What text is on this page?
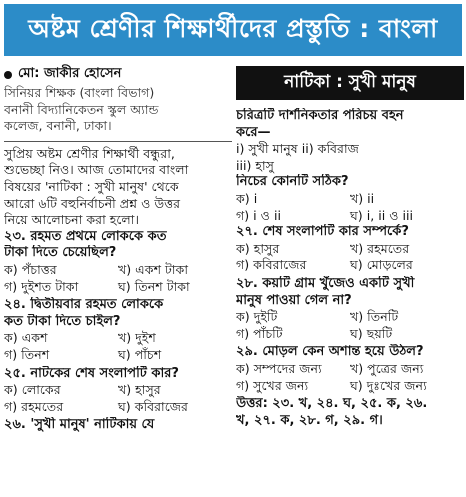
অষ্টম শ্রেণীর শিক্ষার্থীদের প্রস্তুতি : বাংলা
মো: জাকীর হোসেন
সিনিয়র শিক্ষক (বাংলা বিভাগ)
বনানী বিদ্যানিকেতন স্কুল অ্যান্ড
কলেজ, বনানী, ঢাকা।
সুপ্রিয় অষ্টম শ্রেণীর শিক্ষার্থী বন্ধুরা,
শুভেচ্ছা নিও। আজ তোমাদের বাংলা
বিষয়ের 'নাটিকা : সুখী মানুষ' থেকে
আরো ৬টি বহুনির্বাচনী প্রশ্ন ও উত্তর
নিয়ে আলোচনা করা হলো।
২৩. রহমত প্রথমে লোককে কত
টাকা দিতে চেয়েছিল?
ক) পঁচাত্তর	খ) একশ টাকা
গ) দুইশত টাকা	ঘ) তিনশ টাকা
২৪. দ্বিতীয়বার রহমত লোককে
কত টাকা দিতে চাইল?
ক) একশ	খ) দুইশ
গ) তিনশ	ঘ) পাঁচশ
২৫. নাটকের শেষ সংলাপটি কার?
ক) লোকের	খ) হাসুর
গ) রহমতের	ঘ) কবিরাজের
২৬. 'সুখী মানুষ' নাটিকায় যে
নাটিকা : সুখী মানুষ
চরিত্রটি দার্শনিকতার পরিচয় বহন
করে—
i) সুখী মানুষ ii) কবিরাজ
iii) হাসু
নিচের কোনটি সঠিক?
ক) i	খ) ii
গ) i ও ii	ঘ) i, ii ও iii
২৭. শেষ সংলাপটি কার সম্পর্কে?
ক) হাসুর	খ) রহমতের
গ) কবিরাজের	ঘ) মোড়লের
২৮. কয়টি গ্রাম খুঁজেও একটি সুখী
মানুষ পাওয়া গেল না?
ক) দুইটি	খ) তিনটি
গ) পাঁচটি	ঘ) ছয়টি
২৯. মোড়ল কেন অশান্ত হয়ে উঠল?
ক) সম্পদের জন্য	খ) পুত্রের জন্য
গ) সুখের জন্য	ঘ) দুঃখের জন্য
উত্তর: ২৩. খ, ২৪. ঘ, ২৫. ক, ২৬.
খ, ২৭. ক, ২৮. গ, ২৯. গ।
